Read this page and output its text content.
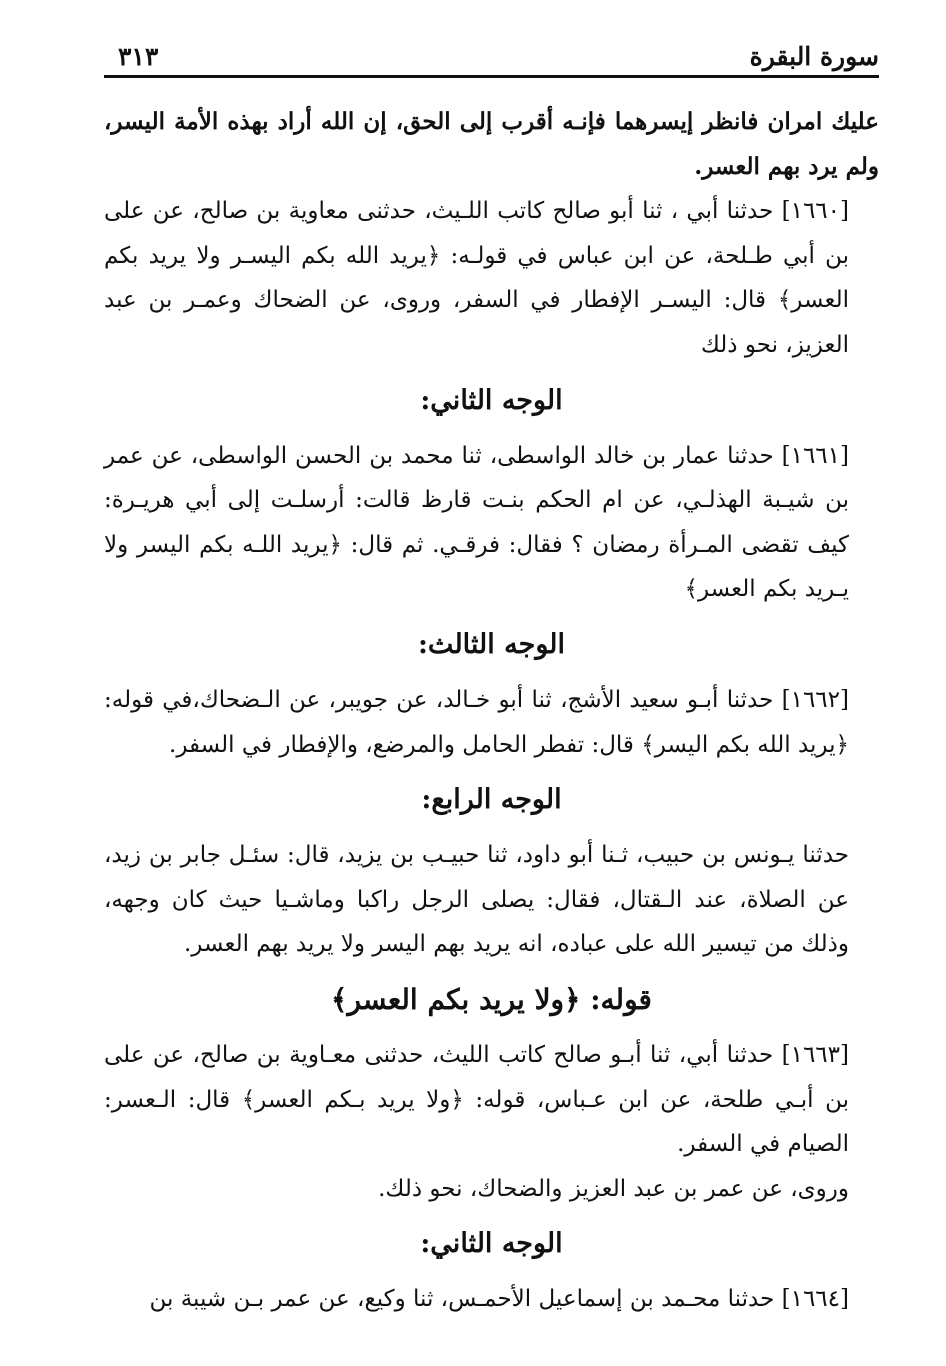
سورة البقرة
٣١٣

عليك امران فانظر إيسرهما فإنـه أقرب إلى الحق، إن الله أراد بهذه الأمة اليسر، ولم يرد بهم العسر.

[١٦٦٠] حدثنا أبي ، ثنا أبو صالح كاتب اللـيث، حدثنى معاوية بن صالح، عن على بن أبي طـلحة، عن ابن عباس في قولـه: ﴿يريد الله بكم اليسـر ولا يريد بكم العسر﴾ قال: اليسـر الإفطار في السفر، وروى، عن الضحاك وعمـر بن عبد العزيز، نحو ذلك

الوجه الثاني:

[١٦٦١] حدثنا عمار بن خالد الواسطى، ثنا محمد بن الحسن الواسطى، عن عمر بن شيـبة الهذلـي، عن ام الحكم بنـت قارظ قالت: أرسلـت إلى أبي هريـرة: كيف تقضى المـرأة رمضان ؟ فقال: فرقـي. ثم قال: ﴿يريد اللـه بكم اليسر ولا يـريد بكم العسر﴾

الوجه الثالث:

[١٦٦٢] حدثنا أبـو سعيد الأشج، ثنا أبو خـالد، عن جويبر، عن الـضحاك،في قوله: ﴿يريد الله بكم اليسر﴾ قال: تفطر الحامل والمرضع، والإفطار في السفر.

الوجه الرابع:

حدثنا يـونس بن حبيب، ثـنا أبو داود، ثنا حبيـب بن يزيد، قال: سئـل جابر بن زيد، عن الصلاة، عند الـقتال، فقال: يصلى الرجل راكبا وماشـيا حيث كان وجهه، وذلك من تيسير الله على عباده، انه يريد بهم اليسر ولا يريد بهم العسر.

قوله: ﴿ولا يريد بكم العسر﴾

[١٦٦٣] حدثنا أبي، ثنا أبـو صالح كاتب الليث، حدثنى معـاوية بن صالح، عن على بن أبـي طلحة، عن ابن عـباس، قوله: ﴿ولا يريد بـكم العسر﴾ قال: الـعسر: الصيام في السفر.

وروى، عن عمر بن عبد العزيز والضحاك، نحو ذلك.

الوجه الثاني:

[١٦٦٤] حدثنا محـمد بن إسماعيل الأحمـس، ثنا وكيع، عن عمر بـن شيبة بن
